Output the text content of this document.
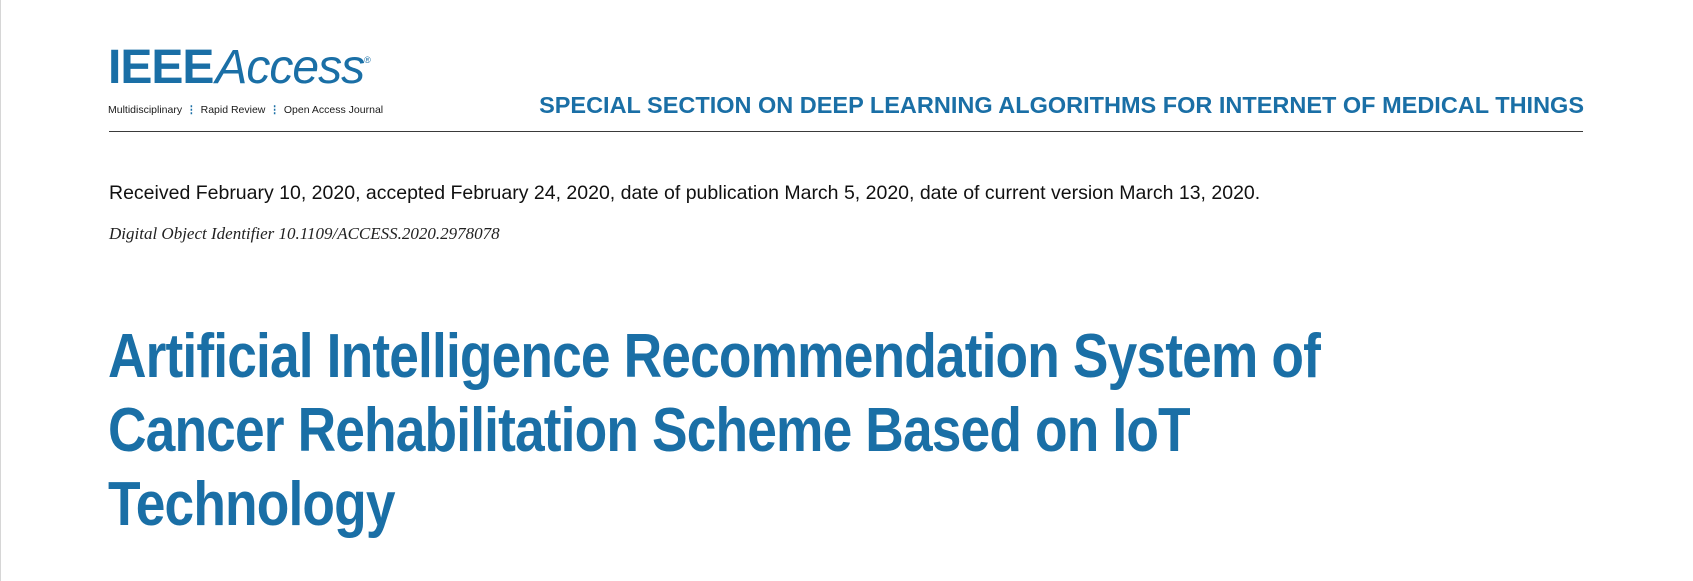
IEEEAccess®
Multidisciplinary ⋮ Rapid Review ⋮ Open Access Journal	SPECIAL SECTION ON DEEP LEARNING ALGORITHMS FOR INTERNET OF MEDICAL THINGS
Received February 10, 2020, accepted February 24, 2020, date of publication March 5, 2020, date of current version March 13, 2020.
Digital Object Identifier 10.1109/ACCESS.2020.2978078
Artificial Intelligence Recommendation System of
Cancer Rehabilitation Scheme Based on IoT
Technology
